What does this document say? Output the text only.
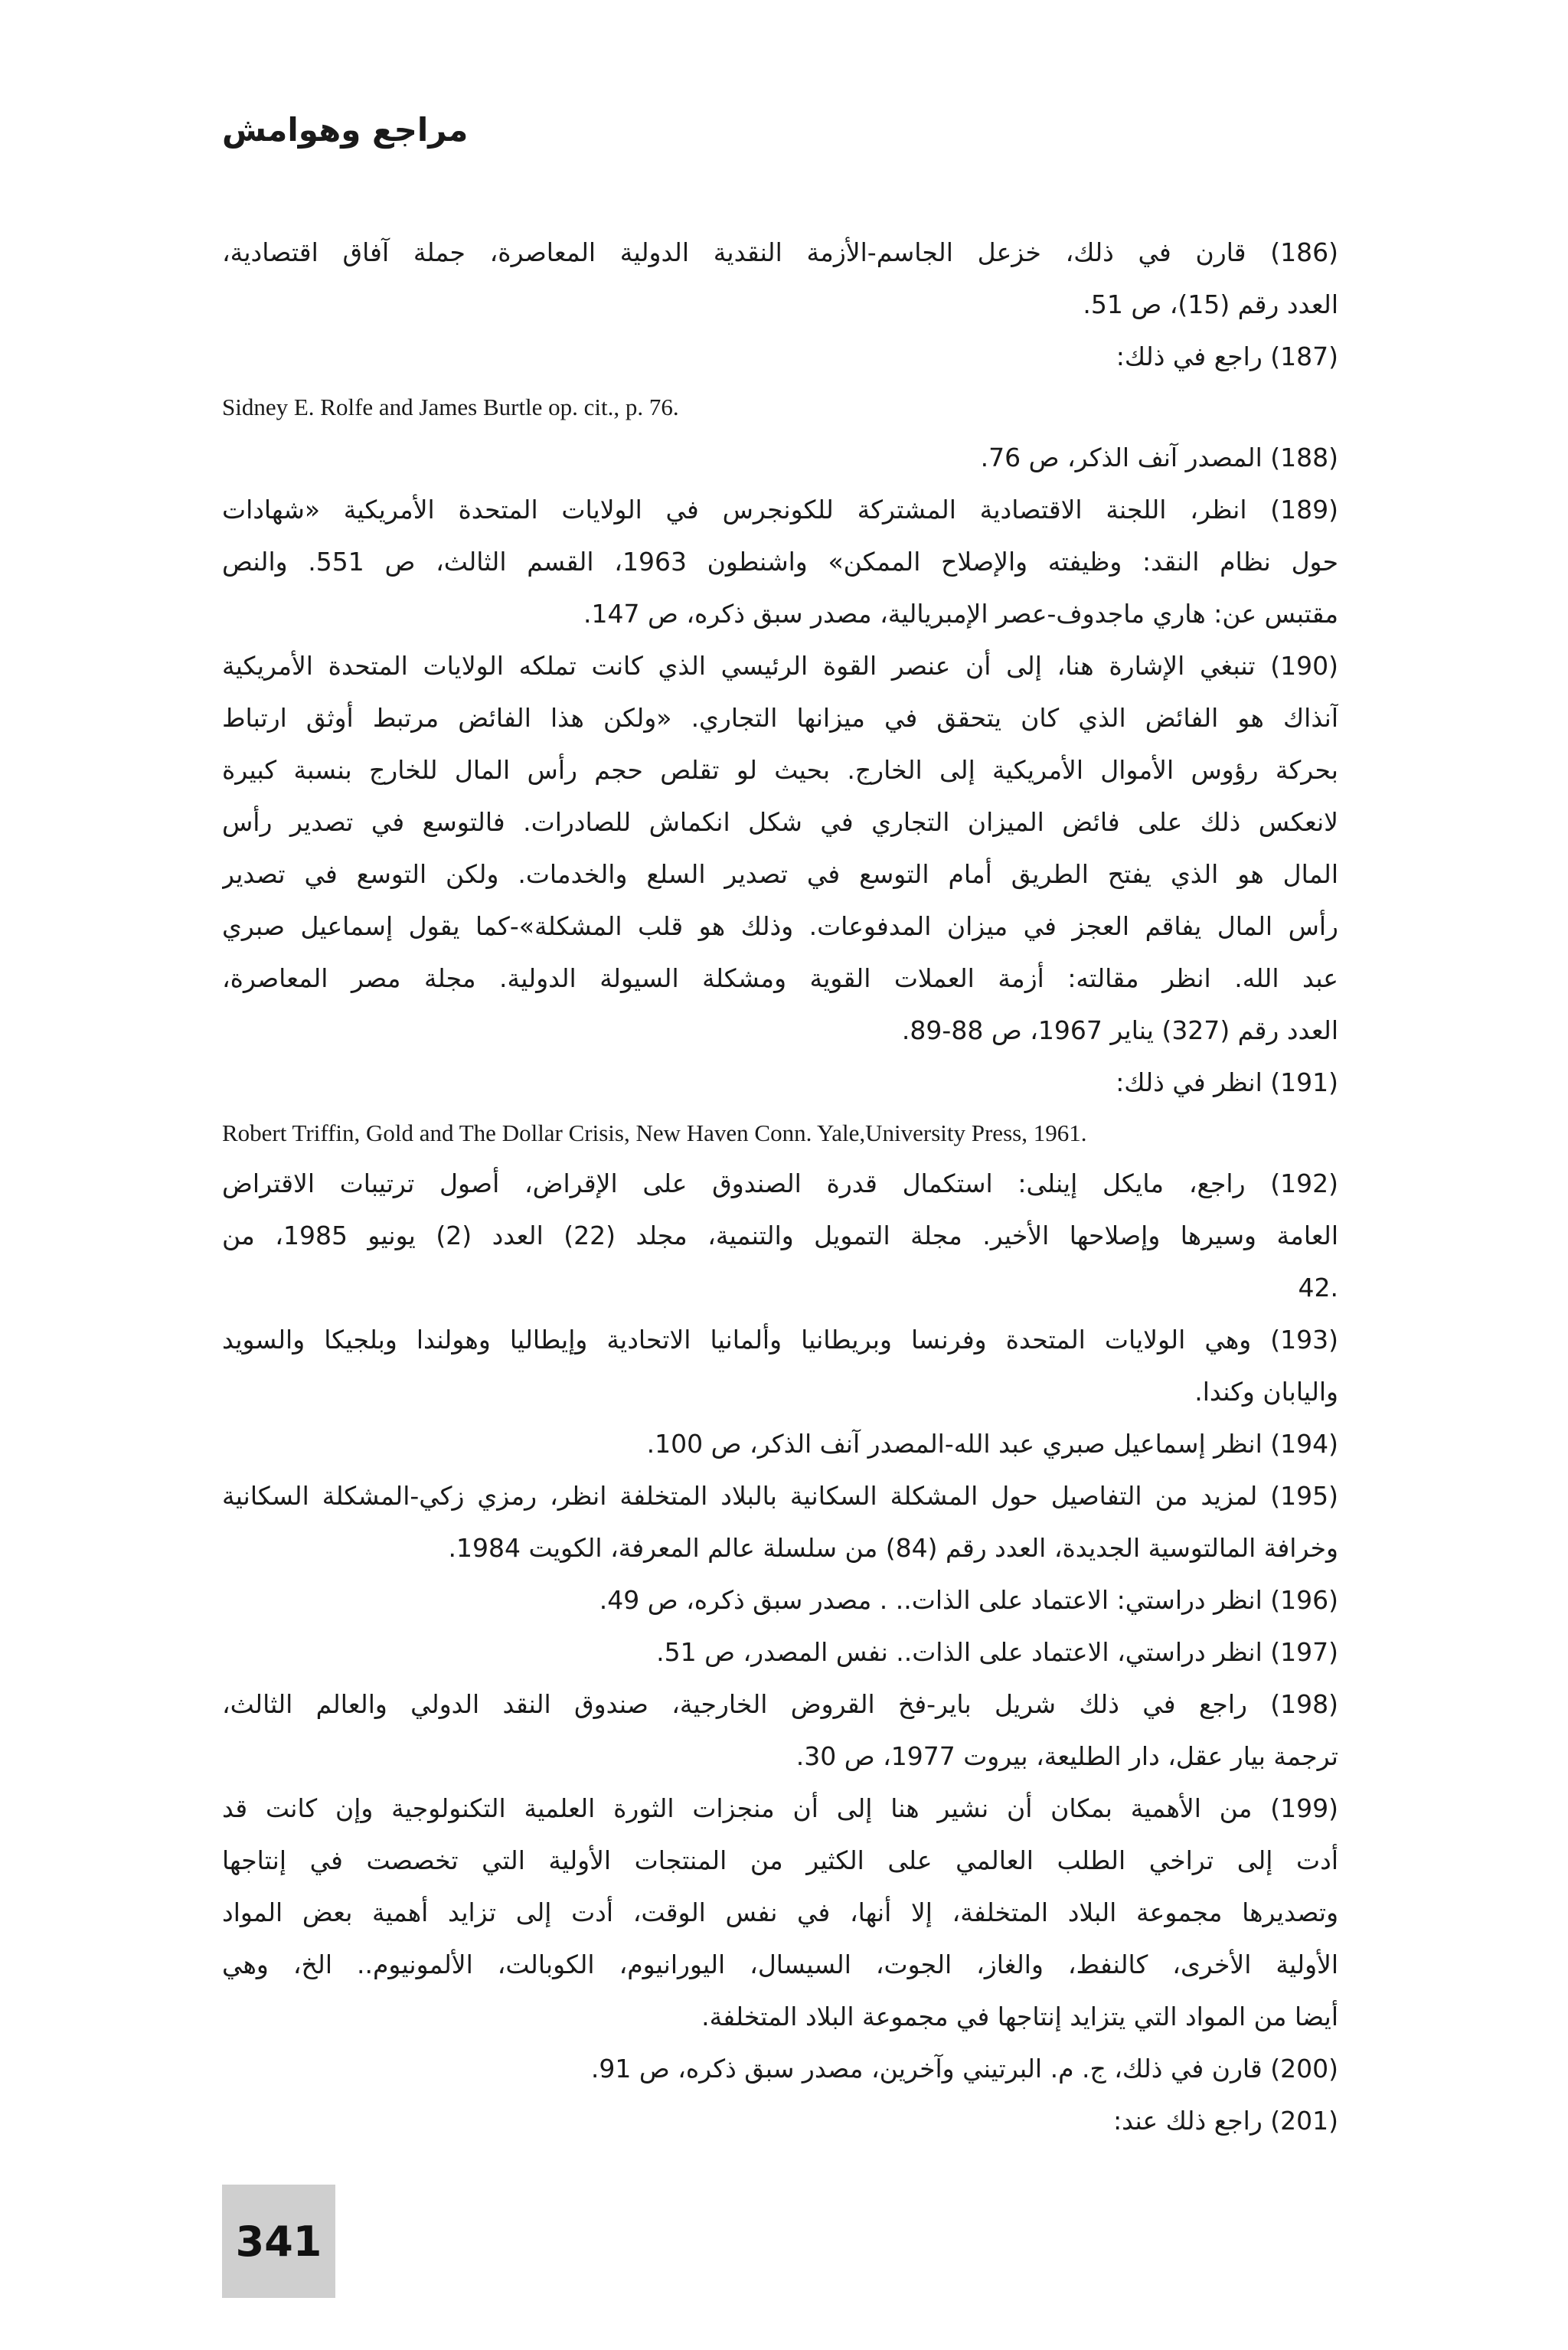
مراجع وهوامش
(186) قارن في ذلك، خزعل الجاسم-الأزمة النقدية الدولية المعاصرة، جملة آفاق اقتصادية،
العدد رقم (15)، ص 51.
(187) راجع في ذلك:
Sidney E. Rolfe and James Burtle op. cit., p. 76.
(188) المصدر آنف الذكر، ص 76.
(189) انظر، اللجنة الاقتصادية المشتركة للكونجرس في الولايات المتحدة الأمريكية «شهادات
حول نظام النقد: وظيفته والإصلاح الممكن» واشنطون 1963، القسم الثالث، ص 551. والنص
مقتبس عن: هاري ماجدوف-عصر الإمبريالية، مصدر سبق ذكره، ص 147.
(190) تنبغي الإشارة هنا، إلى أن عنصر القوة الرئيسي الذي كانت تملكه الولايات المتحدة الأمريكية
آنذاك هو الفائض الذي كان يتحقق في ميزانها التجاري. «ولكن هذا الفائض مرتبط أوثق ارتباط
بحركة رؤوس الأموال الأمريكية إلى الخارج. بحيث لو تقلص حجم رأس المال للخارج بنسبة كبيرة
لانعكس ذلك على فائض الميزان التجاري في شكل انكماش للصادرات. فالتوسع في تصدير رأس
المال هو الذي يفتح الطريق أمام التوسع في تصدير السلع والخدمات. ولكن التوسع في تصدير
رأس المال يفاقم العجز في ميزان المدفوعات. وذلك هو قلب المشكلة»-كما يقول إسماعيل صبري
عبد الله. انظر مقالته: أزمة العملات القوية ومشكلة السيولة الدولية. مجلة مصر المعاصرة،
العدد رقم (327) يناير 1967، ص 88-89.
(191) انظر في ذلك:
Robert Triffin, Gold and The Dollar Crisis, New Haven Conn. Yale,University Press, 1961.
(192) راجع، مايكل إينلى: استكمال قدرة الصندوق على الإقراض، أصول ترتيبات الاقتراض
العامة وسيرها وإصلاحها الأخير. مجلة التمويل والتنمية، مجلد (22) العدد (2) يونيو 1985، من
.42
(193) وهي الولايات المتحدة وفرنسا وبريطانيا وألمانيا الاتحادية وإيطاليا وهولندا وبلجيكا والسويد
واليابان وكندا.
(194) انظر إسماعيل صبري عبد الله-المصدر آنف الذكر، ص 100.
(195) لمزيد من التفاصيل حول المشكلة السكانية بالبلاد المتخلفة انظر، رمزي زكي-المشكلة السكانية
وخرافة المالتوسية الجديدة، العدد رقم (84) من سلسلة عالم المعرفة، الكويت 1984.
(196) انظر دراستي: الاعتماد على الذات.. . مصدر سبق ذكره، ص 49.
(197) انظر دراستي، الاعتماد على الذات.. نفس المصدر، ص 51.
(198) راجع في ذلك شريل باير-فخ القروض الخارجية، صندوق النقد الدولي والعالم الثالث،
ترجمة بيار عقل، دار الطليعة، بيروت 1977، ص 30.
(199) من الأهمية بمكان أن نشير هنا إلى أن منجزات الثورة العلمية التكنولوجية وإن كانت قد
أدت إلى تراخي الطلب العالمي على الكثير من المنتجات الأولية التي تخصصت في إنتاجها
وتصديرها مجموعة البلاد المتخلفة، إلا أنها، في نفس الوقت، أدت إلى تزايد أهمية بعض المواد
الأولية الأخرى، كالنفط، والغاز، الجوت، السيسال، اليورانيوم، الكوبالت، الألمونيوم.. الخ، وهي
أيضا من المواد التي يتزايد إنتاجها في مجموعة البلاد المتخلفة.
(200) قارن في ذلك، ج. م. البرتيني وآخرين، مصدر سبق ذكره، ص 91.
(201) راجع ذلك عند:
341
